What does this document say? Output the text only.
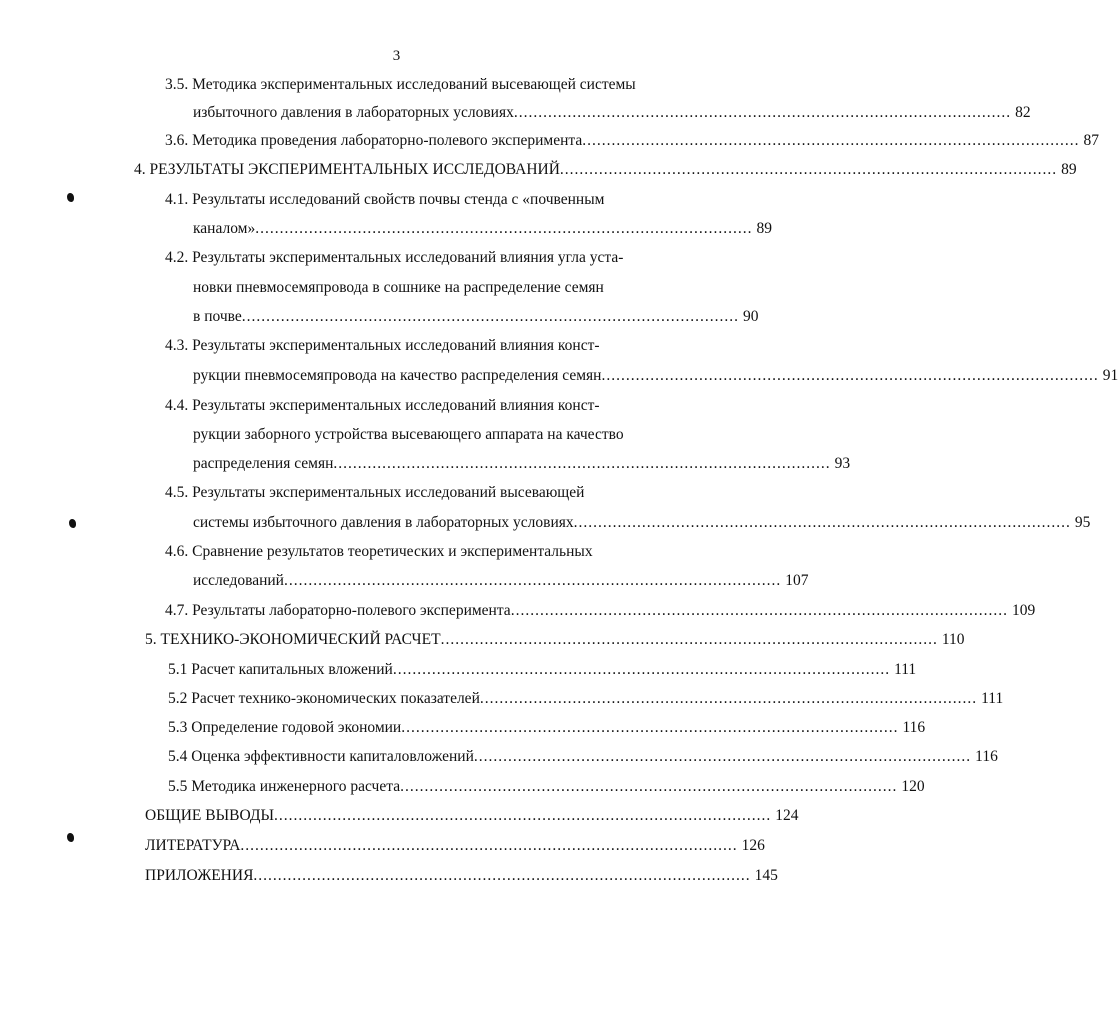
3
3.5. Методика экспериментальных исследований высевающей системы
избыточного давления в лабораторных условиях ...................................................................................................... 82
3.6. Методика проведения лабораторно-полевого эксперимента ...................................................................................................... 87
4. РЕЗУЛЬТАТЫ ЭКСПЕРИМЕНТАЛЬНЫХ ИССЛЕДОВАНИЙ ...................................................................................................... 89
4.1. Результаты исследований свойств почвы стенда с «почвенным
каналом» ...................................................................................................... 89
4.2. Результаты экспериментальных исследований влияния угла уста-
новки пневмосемяпровода в сошнике на распределение семян
в почве ...................................................................................................... 90
4.3. Результаты экспериментальных исследований влияния конст-
рукции пневмосемяпровода на качество распределения семян ...................................................................................................... 91
4.4. Результаты экспериментальных исследований влияния конст-
рукции заборного устройства высевающего аппарата на качество
распределения семян ...................................................................................................... 93
4.5. Результаты экспериментальных исследований высевающей
системы избыточного давления в лабораторных условиях ...................................................................................................... 95
4.6. Сравнение результатов теоретических и экспериментальных
исследований ...................................................................................................... 107
4.7. Результаты лабораторно-полевого эксперимента ...................................................................................................... 109
5. ТЕХНИКО-ЭКОНОМИЧЕСКИЙ РАСЧЕТ ...................................................................................................... 110
5.1 Расчет капитальных вложений ...................................................................................................... 111
5.2 Расчет технико-экономических показателей ...................................................................................................... 111
5.3 Определение годовой экономии ...................................................................................................... 116
5.4 Оценка эффективности капиталовложений ...................................................................................................... 116
5.5 Методика инженерного расчета ...................................................................................................... 120
ОБЩИЕ ВЫВОДЫ ...................................................................................................... 124
ЛИТЕРАТУРА ...................................................................................................... 126
ПРИЛОЖЕНИЯ ...................................................................................................... 145
